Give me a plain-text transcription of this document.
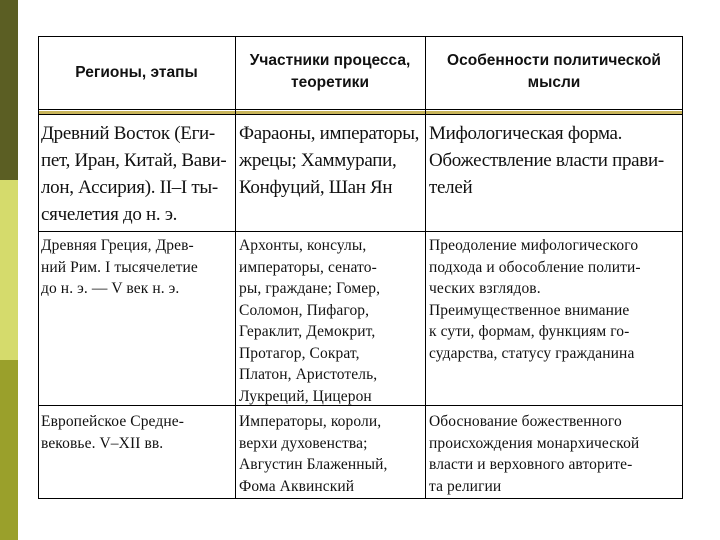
Регионы, этапы
Участники процесса,
теоретики
Особенности политической
мысли
Древний Восток (Еги-
пет, Иран, Китай, Вави-
лон, Ассирия). II–I ты-
сячелетия до н. э.
Фараоны, императоры,
жрецы; Хаммурапи,
Конфуций, Шан Ян
Мифологическая форма.
Обожествление власти прави-
телей
Древняя Греция, Древ-
ний Рим. I тысячелетие
до н. э. — V век н. э.
Архонты, консулы,
императоры, сенато-
ры, граждане; Гомер,
Соломон, Пифагор,
Гераклит, Демокрит,
Протагор, Сократ,
Платон, Аристотель,
Лукреций, Цицерон
Преодоление мифологического
подхода и обособление полити-
ческих взглядов.
Преимущественное внимание
к сути, формам, функциям го-
сударства, статусу гражданина
Европейское Средне-
вековье. V–XII вв.
Императоры, короли,
верхи духовенства;
Августин Блаженный,
Фома Аквинский
Обоснование божественного
происхождения монархической
власти и верховного авторите-
та религии
